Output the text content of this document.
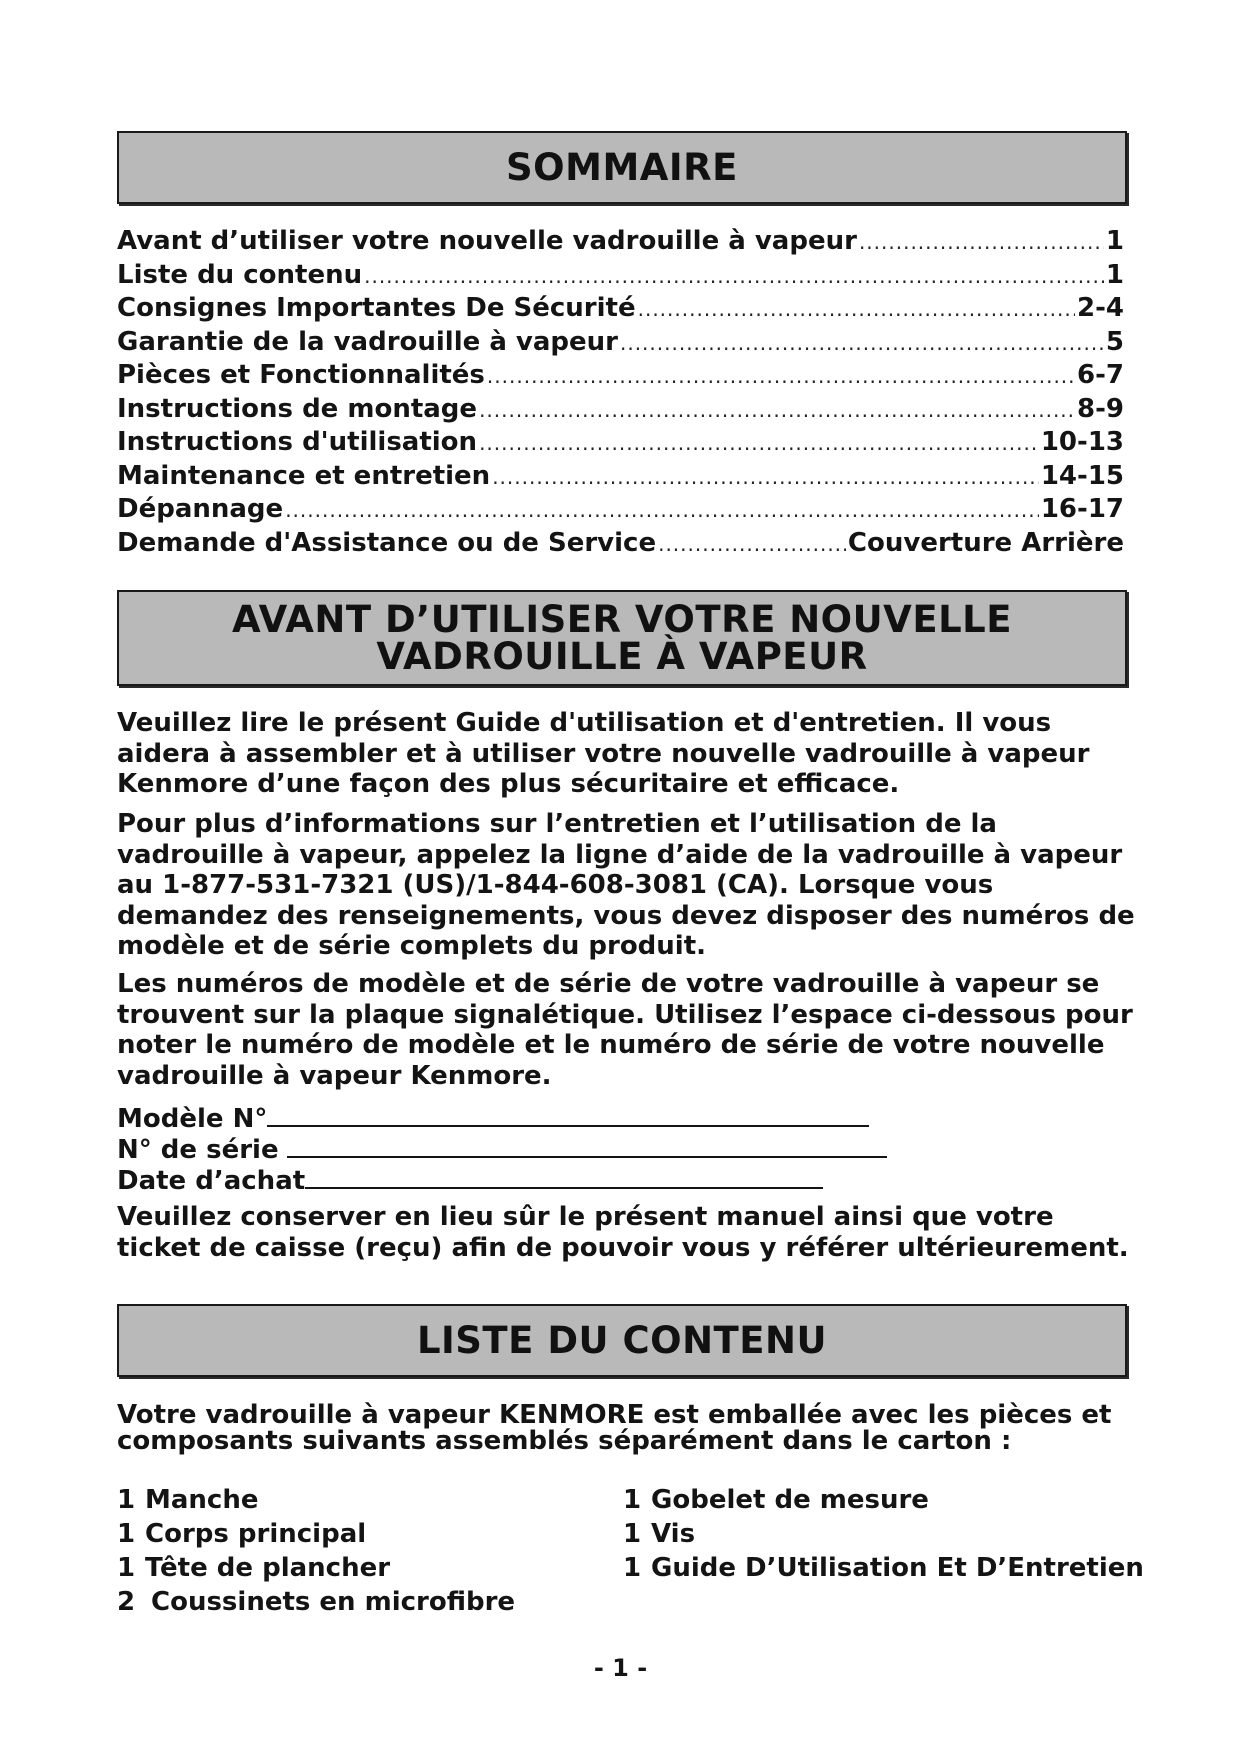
SOMMAIRE
Avant d’utiliser votre nouvelle vadrouille à vapeur .....	1
Liste du contenu .....	1
Consignes Importantes De Sécurité .....	2-4
Garantie de la vadrouille à vapeur .....	5
Pièces et Fonctionnalités .....	6-7
Instructions de montage .....	8-9
Instructions d'utilisation .....	10-13
Maintenance et entretien .....	14-15
Dépannage .....	16-17
Demande d'Assistance ou de Service .....	Couverture Arrière
AVANT D’UTILISER VOTRE NOUVELLE
VADROUILLE À VAPEUR

Veuillez lire le présent Guide d'utilisation et d'entretien. Il vous aidera à assembler et à utiliser votre nouvelle vadrouille à vapeur Kenmore d’une façon des plus sécuritaire et efficace.

Pour plus d’informations sur l’entretien et l’utilisation de la vadrouille à vapeur, appelez la ligne d’aide de la vadrouille à vapeur au 1-877-531-7321 (US)/1-844-608-3081 (CA). Lorsque vous demandez des renseignements, vous devez disposer des numéros de modèle et de série complets du produit.

Les numéros de modèle et de série de votre vadrouille à vapeur se trouvent sur la plaque signalétique. Utilisez l’espace ci-dessous pour noter le numéro de modèle et le numéro de série de votre nouvelle vadrouille à vapeur Kenmore.

Modèle N°
N° de série
Date d’achat

Veuillez conserver en lieu sûr le présent manuel ainsi que votre ticket de caisse (reçu) afin de pouvoir vous y référer ultérieurement.

LISTE DU CONTENU

Votre vadrouille à vapeur KENMORE est emballée avec les pièces et composants suivants assemblés séparément dans le carton :

1 Manche
1 Corps principal
1 Tête de plancher
2 Coussinets en microfibre
1 Gobelet de mesure
1 Vis
1 Guide D’Utilisation Et D’Entretien
- 1 -
